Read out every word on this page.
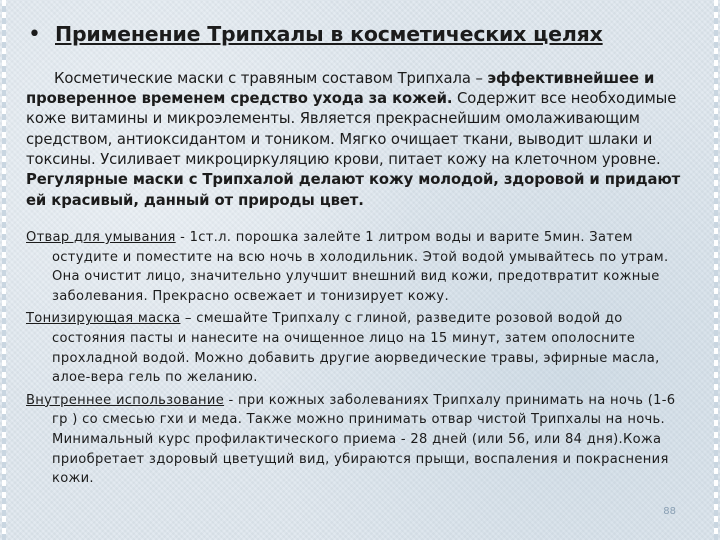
• Применение Трипхалы в косметических целях

Косметические маски с травяным составом Трипхала – эффективнейшее и проверенное временем средство ухода за кожей. Содержит все необходимые коже витамины и микроэлементы. Является прекраснейшим омолаживающим средством, антиоксидантом и тоником. Мягко очищает ткани, выводит шлаки и токсины. Усиливает микроциркуляцию крови, питает кожу на клеточном уровне. Регулярные маски с Трипхалой делают кожу молодой, здоровой и придают ей красивый, данный от природы цвет.

Отвар для умывания - 1ст.л. порошка залейте 1 литром воды и варите 5мин. Затем остудите и поместите на всю ночь в холодильник. Этой водой умывайтесь по утрам. Она очистит лицо, значительно улучшит внешний вид кожи, предотвратит кожные заболевания. Прекрасно освежает и тонизирует кожу.

Тонизирующая маска – смешайте Трипхалу с глиной, разведите розовой водой до состояния пасты и нанесите на очищенное лицо на 15 минут, затем ополосните прохладной водой. Можно добавить другие аюрведические травы, эфирные масла, алое-вера гель по желанию.

Внутреннее использование - при кожных заболеваниях Трипхалу принимать на ночь (1-6 гр ) со смесью гхи и меда. Также можно принимать отвар чистой Трипхалы на ночь. Минимальный курс профилактического приема - 28 дней (или 56, или 84 дня).Кожа приобретает здоровый цветущий вид, убираются прыщи, воспаления и покраснения кожи.

88
